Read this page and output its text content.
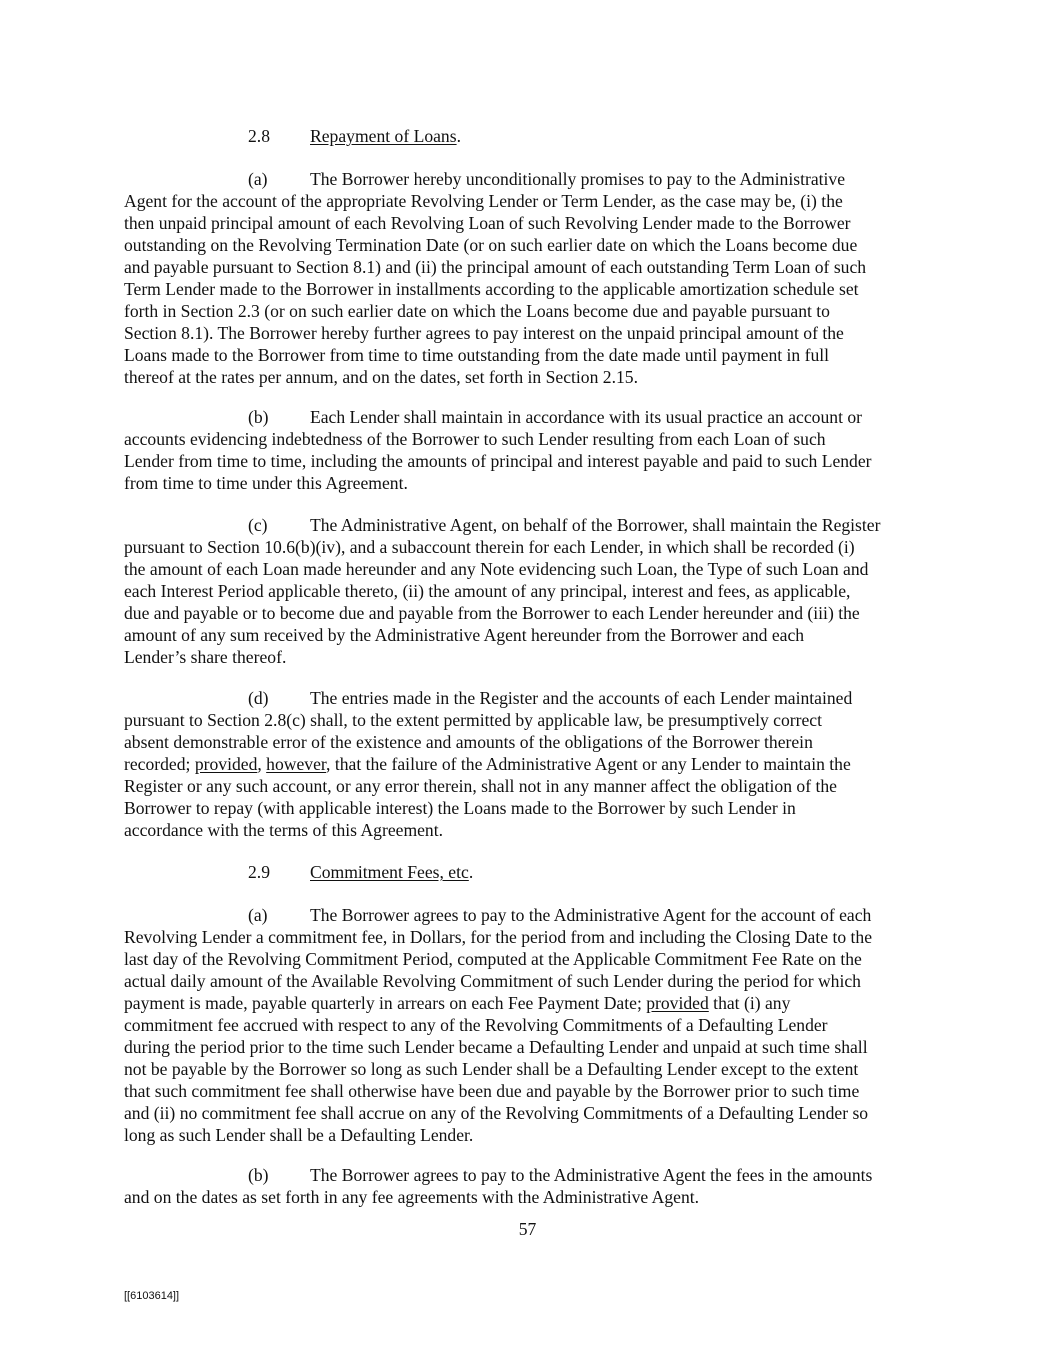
2.8 Repayment of Loans.

(a) The Borrower hereby unconditionally promises to pay to the Administrative
Agent for the account of the appropriate Revolving Lender or Term Lender, as the case may be, (i) the
then unpaid principal amount of each Revolving Loan of such Revolving Lender made to the Borrower
outstanding on the Revolving Termination Date (or on such earlier date on which the Loans become due
and payable pursuant to Section 8.1) and (ii) the principal amount of each outstanding Term Loan of such
Term Lender made to the Borrower in installments according to the applicable amortization schedule set
forth in Section 2.3 (or on such earlier date on which the Loans become due and payable pursuant to
Section 8.1). The Borrower hereby further agrees to pay interest on the unpaid principal amount of the
Loans made to the Borrower from time to time outstanding from the date made until payment in full
thereof at the rates per annum, and on the dates, set forth in Section 2.15.

(b) Each Lender shall maintain in accordance with its usual practice an account or
accounts evidencing indebtedness of the Borrower to such Lender resulting from each Loan of such
Lender from time to time, including the amounts of principal and interest payable and paid to such Lender
from time to time under this Agreement.

(c) The Administrative Agent, on behalf of the Borrower, shall maintain the Register
pursuant to Section 10.6(b)(iv), and a subaccount therein for each Lender, in which shall be recorded (i)
the amount of each Loan made hereunder and any Note evidencing such Loan, the Type of such Loan and
each Interest Period applicable thereto, (ii) the amount of any principal, interest and fees, as applicable,
due and payable or to become due and payable from the Borrower to each Lender hereunder and (iii) the
amount of any sum received by the Administrative Agent hereunder from the Borrower and each
Lender’s share thereof.

(d) The entries made in the Register and the accounts of each Lender maintained
pursuant to Section 2.8(c) shall, to the extent permitted by applicable law, be presumptively correct
absent demonstrable error of the existence and amounts of the obligations of the Borrower therein
recorded; provided, however, that the failure of the Administrative Agent or any Lender to maintain the
Register or any such account, or any error therein, shall not in any manner affect the obligation of the
Borrower to repay (with applicable interest) the Loans made to the Borrower by such Lender in
accordance with the terms of this Agreement.

2.9 Commitment Fees, etc.

(a) The Borrower agrees to pay to the Administrative Agent for the account of each
Revolving Lender a commitment fee, in Dollars, for the period from and including the Closing Date to the
last day of the Revolving Commitment Period, computed at the Applicable Commitment Fee Rate on the
actual daily amount of the Available Revolving Commitment of such Lender during the period for which
payment is made, payable quarterly in arrears on each Fee Payment Date; provided that (i) any
commitment fee accrued with respect to any of the Revolving Commitments of a Defaulting Lender
during the period prior to the time such Lender became a Defaulting Lender and unpaid at such time shall
not be payable by the Borrower so long as such Lender shall be a Defaulting Lender except to the extent
that such commitment fee shall otherwise have been due and payable by the Borrower prior to such time
and (ii) no commitment fee shall accrue on any of the Revolving Commitments of a Defaulting Lender so
long as such Lender shall be a Defaulting Lender.

(b) The Borrower agrees to pay to the Administrative Agent the fees in the amounts
and on the dates as set forth in any fee agreements with the Administrative Agent.

57
[[6103614]]
